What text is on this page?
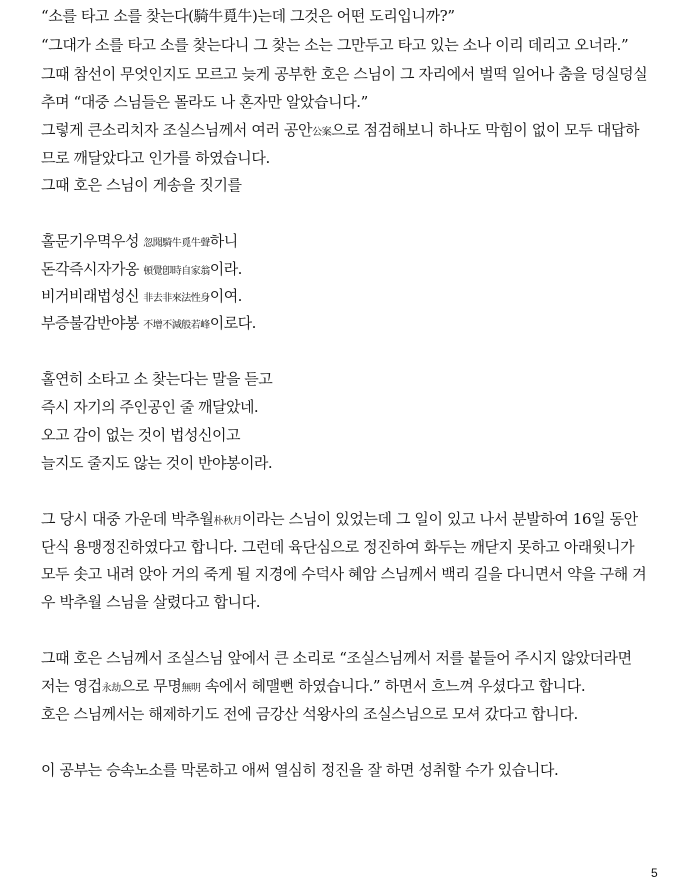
“소를 타고 소를 찾는다(騎牛覓牛)는데 그것은 어떤 도리입니까?”
“그대가 소를 타고 소를 찾는다니 그 찾는 소는 그만두고 타고 있는 소나 이리 데리고 오너라.”
그때 참선이 무엇인지도 모르고 늦게 공부한 호은 스님이 그 자리에서 벌떡 일어나 춤을 덩실덩실
추며 “대중 스님들은 몰라도 나 혼자만 알았습니다.”
그렇게 큰소리치자 조실스님께서 여러 공안公案으로 점검해보니 하나도 막힘이 없이 모두 대답하
므로 깨달았다고 인가를 하였습니다.
그때 호은 스님이 게송을 짓기를
홀문기우멱우성 忽聞騎牛覓牛聲하니
돈각즉시자가옹 頓覺卽時自家翁이라.
비거비래법성신 非去非來法性身이여.
부증불감반야봉 不增不減般若峰이로다.
홀연히 소타고 소 찾는다는 말을 듣고
즉시 자기의 주인공인 줄 깨달았네.
오고 감이 없는 것이 법성신이고
늘지도 줄지도 않는 것이 반야봉이라.
그 당시 대중 가운데 박추월朴秋月이라는 스님이 있었는데 그 일이 있고 나서 분발하여 16일 동안
단식 용맹정진하였다고 합니다. 그런데 육단심으로 정진하여 화두는 깨닫지 못하고 아래윗니가
모두 솟고 내려 앉아 거의 죽게 될 지경에 수덕사 혜암 스님께서 백리 길을 다니면서 약을 구해 겨
우 박추월 스님을 살렸다고 합니다.
그때 호은 스님께서 조실스님 앞에서 큰 소리로 “조실스님께서 저를 붙들어 주시지 않았더라면
저는 영겁永劫으로 무명無明 속에서 헤맬뻔 하였습니다.” 하면서 흐느껴 우셨다고 합니다.
호은 스님께서는 해제하기도 전에 금강산 석왕사의 조실스님으로 모셔 갔다고 합니다.
이 공부는 승속노소를 막론하고 애써 열심히 정진을 잘 하면 성취할 수가 있습니다.
5
